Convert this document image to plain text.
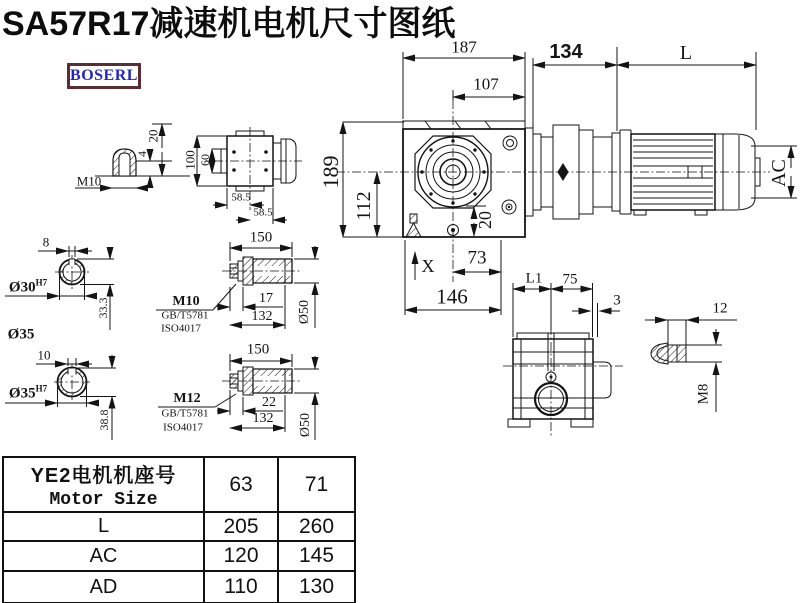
SA57R17减速机电机尺寸图纸
BOSERL
187
107
134	L
189
112	20
X 73
146
AC
20
4
M10
100 60
58.5
58.5
8
$Ø30^{H7}$
33.3
Ø35
10
$Ø35^{H7}$
38.8
150
M10
GB/T5781
ISO4017
17
132 Ø50
150
M12
GB/T5781
ISO4017
22
132 Ø50
L1 75
3	12
M8
YE2电机机座号
Motor Size
63	71
L	205	260
AC	120	145
AD	110	130
